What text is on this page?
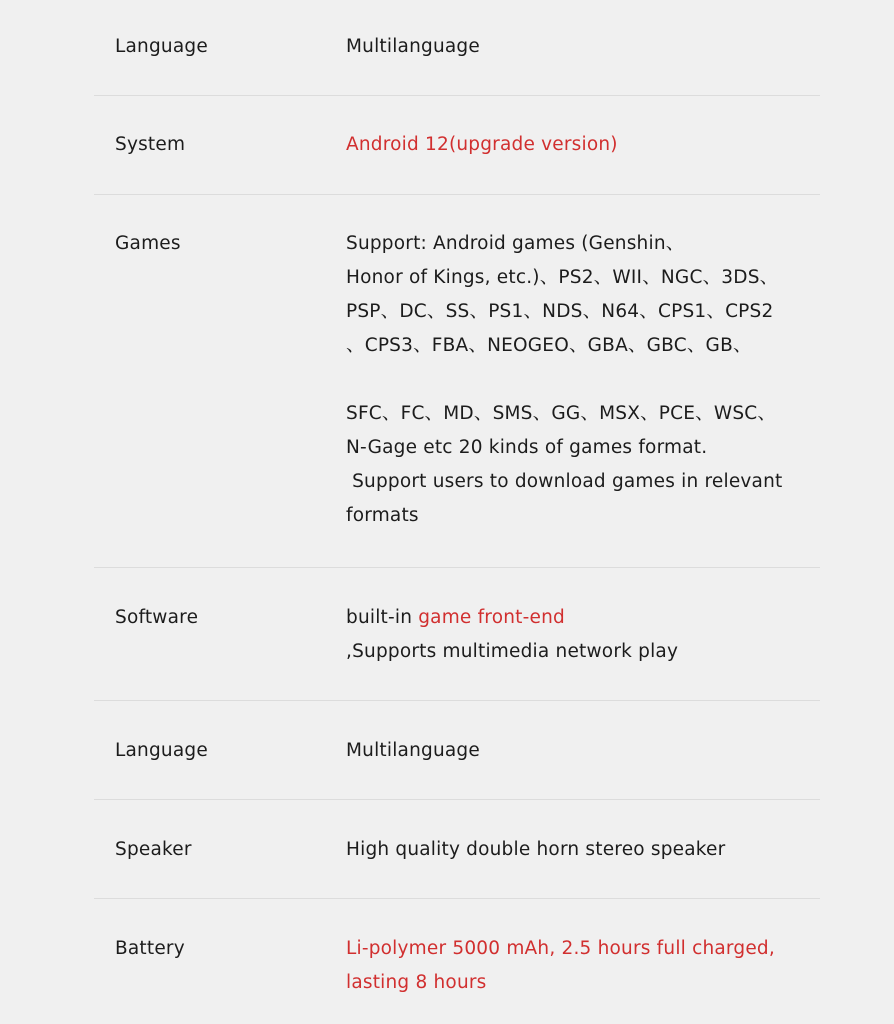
Language	Multilanguage
System	Android 12(upgrade version)
Games	Support: Android games (Genshin、
Honor of Kings, etc.)、PS2、WII、NGC、3DS、
PSP、DC、SS、PS1、NDS、N64、CPS1、CPS2
、CPS3、FBA、NEOGEO、GBA、GBC、GB、
SFC、FC、MD、SMS、GG、MSX、PCE、WSC、
N-Gage etc 20 kinds of games format.
Support users to download games in relevant
formats
Software	built-in game front-end
,Supports multimedia network play
Language	Multilanguage
Speaker	High quality double horn stereo speaker
Battery	Li-polymer 5000 mAh, 2.5 hours full charged,
lasting 8 hours
